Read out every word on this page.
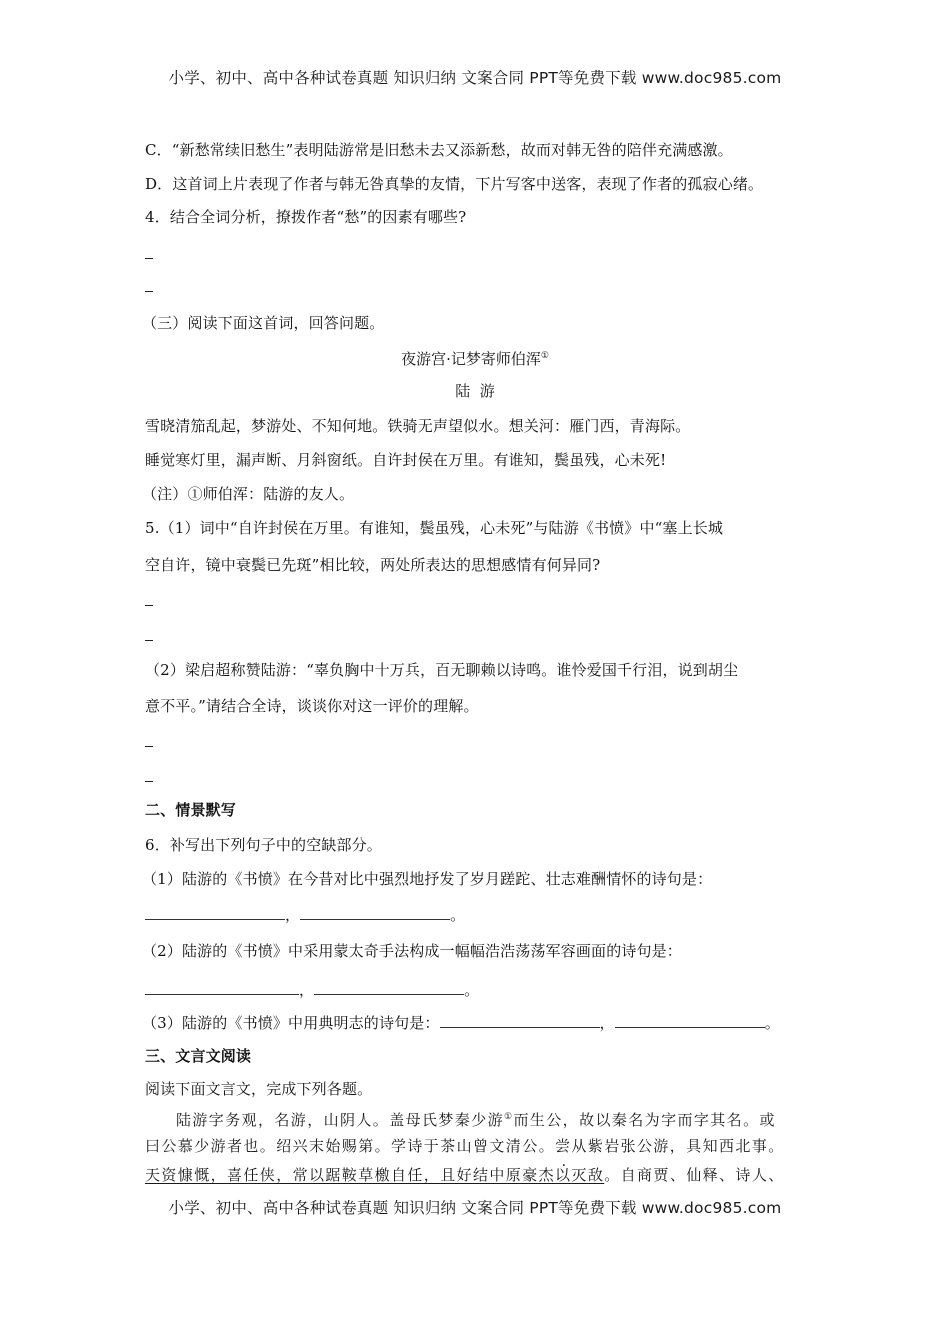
小学、初中、高中各种试卷真题 知识归纳 文案合同 PPT等免费下载 www.doc985.com
C．“新愁常续旧愁生”表明陆游常是旧愁未去又添新愁，故而对韩无咎的陪伴充满感激。
D．这首词上片表现了作者与韩无咎真挚的友情，下片写客中送客，表现了作者的孤寂心绪。
4．结合全词分析，撩拨作者“愁”的因素有哪些?
（三）阅读下面这首词，回答问题。
夜游宫·记梦寄师伯浑①
陆  游
雪晓清笳乱起，梦游处、不知何地。铁骑无声望似水。想关河：雁门西，青海际。
睡觉寒灯里，漏声断、月斜窗纸。自许封侯在万里。有谁知，鬓虽残，心未死!
（注）①师伯浑：陆游的友人。
5.（1）词中“自许封侯在万里。有谁知，鬓虽残，心未死”与陆游《书愤》中“塞上长城
空自许，镜中衰鬓已先斑”相比较，两处所表达的思想感情有何异同?
（2）梁启超称赞陆游：“辜负胸中十万兵，百无聊赖以诗鸣。谁怜爱国千行泪，说到胡尘
意不平。”请结合全诗，谈谈你对这一评价的理解。
二、情景默写
6．补写出下列句子中的空缺部分。
（1）陆游的《书愤》在今昔对比中强烈地抒发了岁月蹉跎、壮志难酬情怀的诗句是：
，	。
（2）陆游的《书愤》中采用蒙太奇手法构成一幅幅浩浩荡荡军容画面的诗句是：
，	。
（3）陆游的《书愤》中用典明志的诗句是：	，	。
三、文言文阅读
阅读下面文言文，完成下列各题。
陆游字务观，名游，山阴人。盖母氏梦秦少游①而生公，故以秦名为字而字其名。或
曰公慕少游者也。绍兴末始赐第。学诗于茶山曾文清公。尝从紫岩张公游，具知西北事。
天资慷慨，喜任侠，常以踞鞍草檄自任，且好结中原豪杰以灭敌。自商贾、仙释、诗人、
小学、初中、高中各种试卷真题 知识归纳 文案合同 PPT等免费下载 www.doc985.com
